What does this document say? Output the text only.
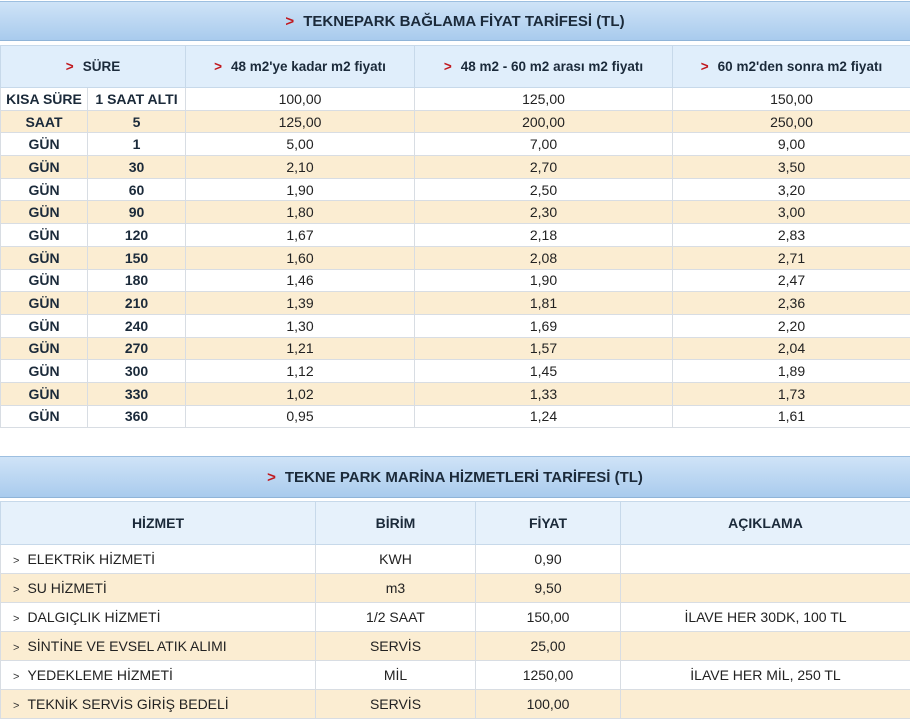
> TEKNEPARK BAĞLAMA FİYAT TARİFESİ (TL)
> SÜRE		> 48 m2'ye kadar m2 fiyatı	> 48 m2 - 60 m2 arası m2 fiyatı	> 60 m2'den sonra m2 fiyatı
KISA SÜRE	1 SAAT ALTI	100,00	125,00	150,00
SAAT	5	125,00	200,00	250,00
GÜN	1	5,00	7,00	9,00
GÜN	30	2,10	2,70	3,50
GÜN	60	1,90	2,50	3,20
GÜN	90	1,80	2,30	3,00
GÜN	120	1,67	2,18	2,83
GÜN	150	1,60	2,08	2,71
GÜN	180	1,46	1,90	2,47
GÜN	210	1,39	1,81	2,36
GÜN	240	1,30	1,69	2,20
GÜN	270	1,21	1,57	2,04
GÜN	300	1,12	1,45	1,89
GÜN	330	1,02	1,33	1,73
GÜN	360	0,95	1,24	1,61
> TEKNE PARK MARİNA HİZMETLERİ TARİFESİ (TL)
HİZMET	BİRİM	FİYAT	AÇIKLAMA
> ELEKTRİK HİZMETİ	KWH	0,90	
> SU HİZMETİ	m3	9,50	
> DALGIÇLIK HİZMETİ	1/2 SAAT	150,00	İLAVE HER 30DK, 100 TL
> SİNTİNE VE EVSEL ATIK ALIMI	SERVİS	25,00	
> YEDEKLEME HİZMETİ	MİL	1250,00	İLAVE HER MİL, 250 TL
> TEKNİK SERVİS GİRİŞ BEDELİ	SERVİS	100,00	
